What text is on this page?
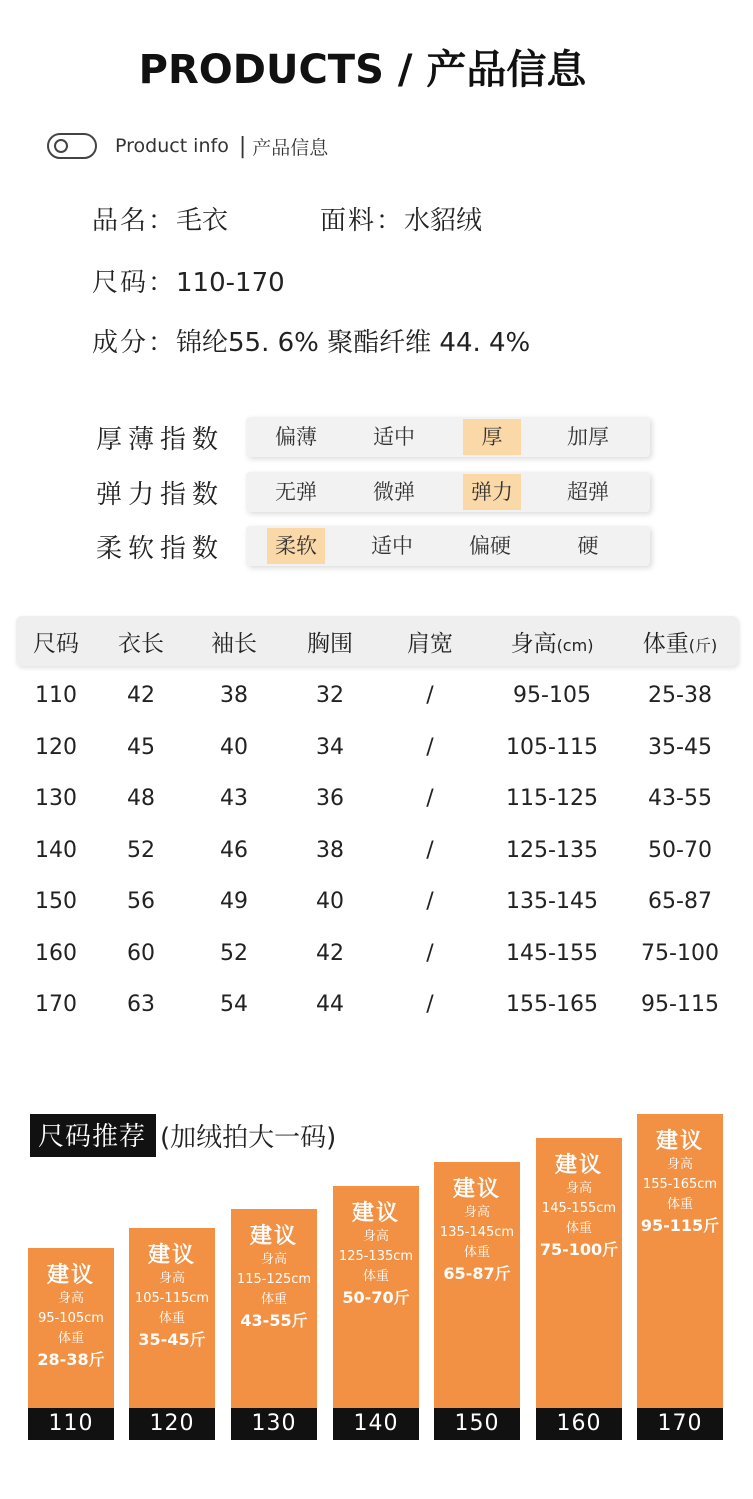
PRODUCTS / 产品信息
Product info | 产品信息
品名：毛衣	面料：水貂绒
尺码：110-170
成分：锦纶55. 6% 聚酯纤维 44. 4%
厚薄指数	偏薄	适中	厚	加厚
弹力指数	无弹	微弹	弹力	超弹
柔软指数	柔软	适中	偏硬	硬
尺码	衣长	袖长	胸围	肩宽	身高(cm)	体重(斤)
110	42	38	32	/	95-105	25-38
120	45	40	34	/	105-115	35-45
130	48	43	36	/	115-125	43-55
140	52	46	38	/	125-135	50-70
150	56	49	40	/	135-145	65-87
160	60	52	42	/	145-155	75-100
170	63	54	44	/	155-165	95-115
尺码推荐 (加绒拍大一码)
建议
身高
95-105cm
体重
28-38斤
110
建议
身高
105-115cm
体重
35-45斤
120
建议
身高
115-125cm
体重
43-55斤
130
建议
身高
125-135cm
体重
50-70斤
140
建议
身高
135-145cm
体重
65-87斤
150
建议
身高
145-155cm
体重
75-100斤
160
建议
身高
155-165cm
体重
95-115斤
170
